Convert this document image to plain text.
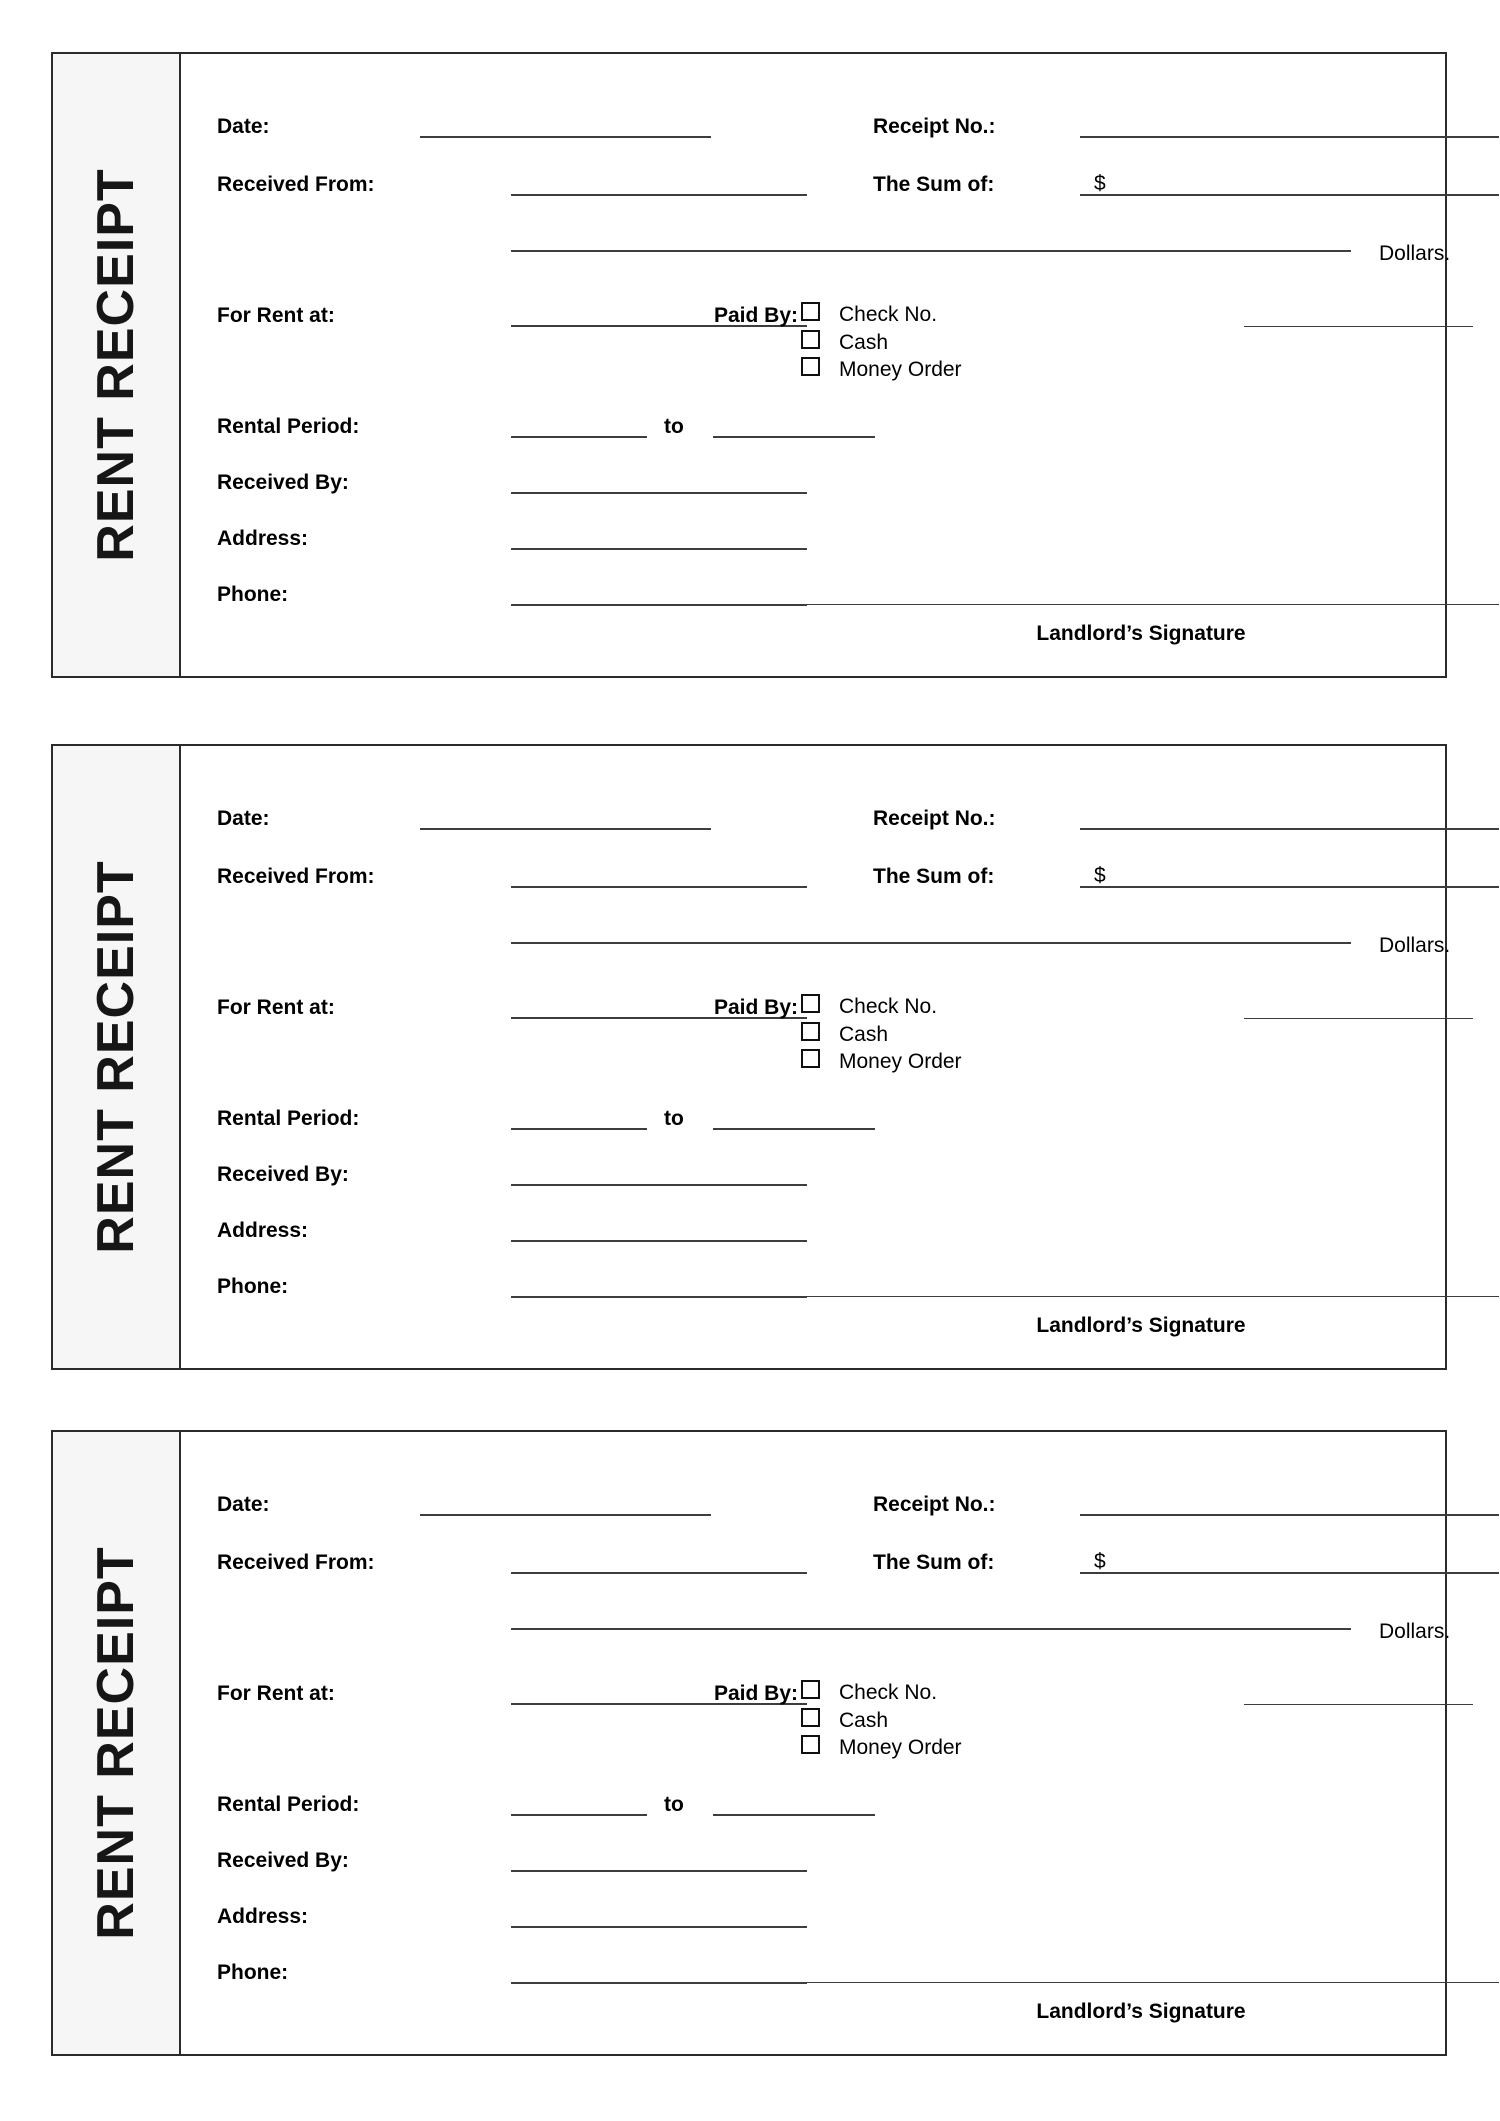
RENT RECEIPT
Date:
Received From:
For Rent at:
Rental Period:	to
Received By:
Address:
Phone:
Receipt No.:
The Sum of:	$
Dollars.
Paid By: Check No.
Cash
Money Order
Landlord’s Signature
RENT RECEIPT
Date:
Received From:
For Rent at:
Rental Period:	to
Received By:
Address:
Phone:
Receipt No.:
The Sum of:	$
Dollars.
Paid By: Check No.
Cash
Money Order
Landlord’s Signature
RENT RECEIPT
Date:
Received From:
For Rent at:
Rental Period:	to
Received By:
Address:
Phone:
Receipt No.:
The Sum of:	$
Dollars.
Paid By: Check No.
Cash
Money Order
Landlord’s Signature
